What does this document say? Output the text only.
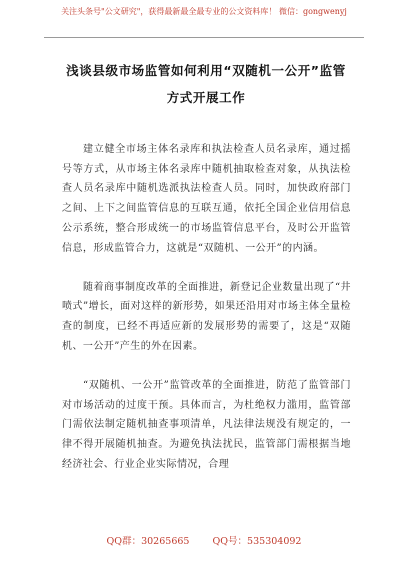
关注头条号"公文研究"，获得最新最全最专业的公文资料库！ 微信：gongwenyj
浅谈县级市场监管如何利用“双随机一公开”监管方式开展工作

建立健全市场主体名录库和执法检查人员名录库，通过摇号等方式，从市场主体名录库中随机抽取检查对象，从执法检查人员名录库中随机选派执法检查人员。同时，加快政府部门之间、上下之间监管信息的互联互通，依托全国企业信用信息公示系统，整合形成统一的市场监管信息平台，及时公开监管信息，形成监管合力，这就是“双随机、一公开”的内涵。

随着商事制度改革的全面推进，新登记企业数量出现了“井喷式”增长，面对这样的新形势，如果还沿用对市场主体全量检查的制度，已经不再适应新的发展形势的需要了，这是“双随机、一公开”产生的外在因素。

“双随机、一公开”监管改革的全面推进，防范了监管部门对市场活动的过度干预。具体而言，为杜绝权力滥用，监管部门需依法制定随机抽查事项清单，凡法律法规没有规定的，一律不得开展随机抽查。为避免执法扰民，监管部门需根据当地经济社会、行业企业实际情况，合理

QQ群：30265665 QQ号：535304092
